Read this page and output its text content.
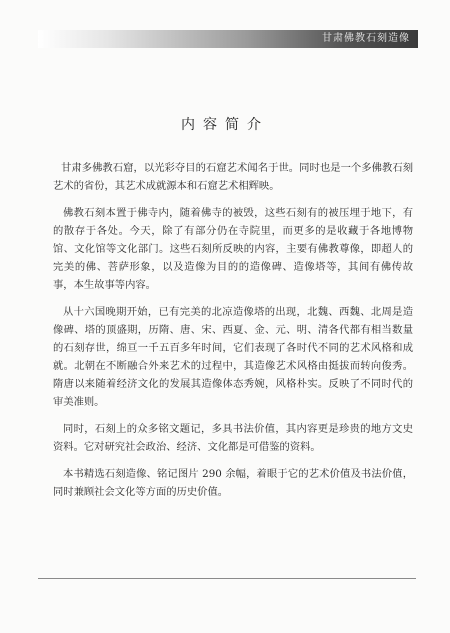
甘肃佛教石刻造像
内容简介

甘肃多佛教石窟，以光彩夺目的石窟艺术闻名于世。同时也是一个多佛教石刻艺术的省份，其艺术成就源本和石窟艺术相辉映。

佛教石刻本置于佛寺内，随着佛寺的被毁，这些石刻有的被压埋于地下，有的散存于各处。今天，除了有部分仍在寺院里，而更多的是收藏于各地博物馆、文化馆等文化部门。这些石刻所反映的内容，主要有佛教尊像，即超人的完美的佛、菩萨形象，以及造像为目的的造像碑、造像塔等，其间有佛传故事，本生故事等内容。

从十六国晚期开始，已有完美的北凉造像塔的出现，北魏、西魏、北周是造像碑、塔的顶盛期，历隋、唐、宋、西夏、金、元、明、清各代都有相当数量的石刻存世，绵亘一千五百多年时间，它们表现了各时代不同的艺术风格和成就。北朝在不断融合外来艺术的过程中，其造像艺术风格由挺拔而转向俊秀。隋唐以来随着经济文化的发展其造像体态秀婉，风格朴实。反映了不同时代的审美准则。

同时，石刻上的众多铭文题记，多具书法价值，其内容更是珍贵的地方文史资料。它对研究社会政治、经济、文化都是可借鉴的资料。

本书精选石刻造像、铭记图片 290 余幅，着眼于它的艺术价值及书法价值，同时兼顾社会文化等方面的历史价值。
